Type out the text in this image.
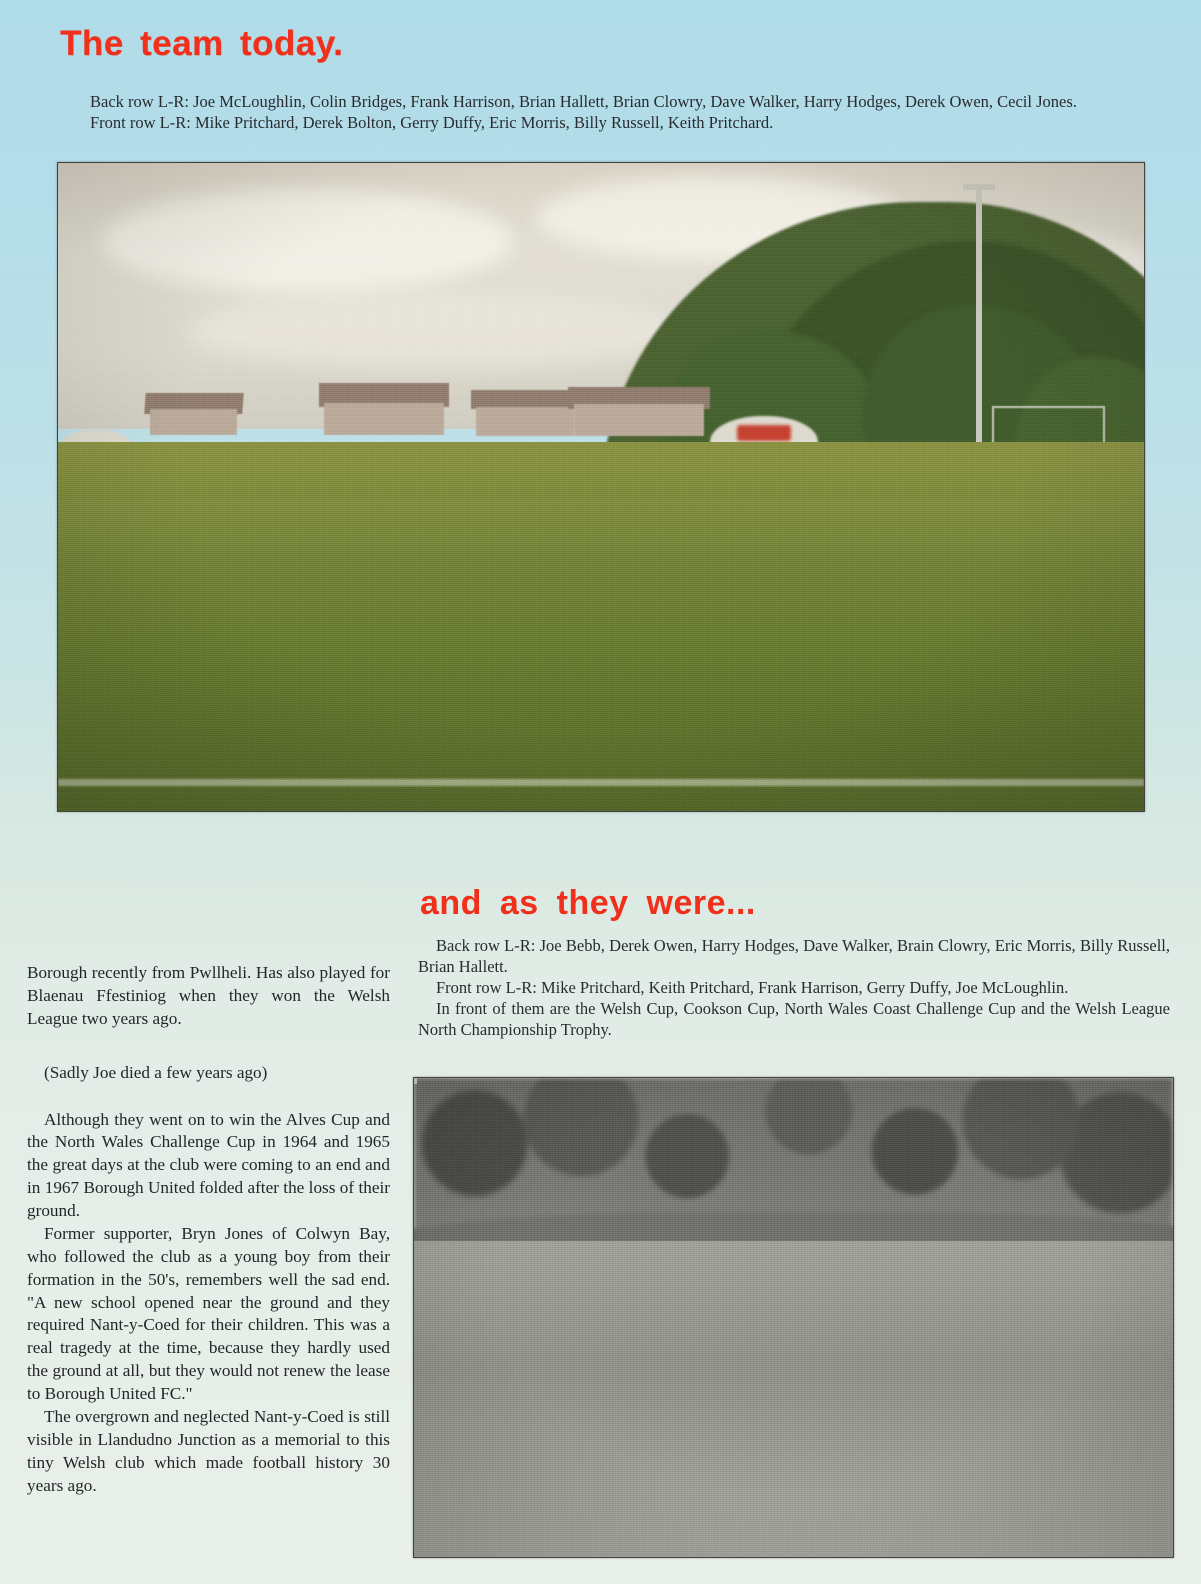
The team today.

Back row L-R: Joe McLoughlin, Colin Bridges, Frank Harrison, Brian Hallett, Brian Clowry, Dave Walker, Harry Hodges, Derek Owen, Cecil Jones.

Front row L-R: Mike Pritchard, Derek Bolton, Gerry Duffy, Eric Morris, Billy Russell, Keith Pritchard.

and as they were...

Back row L-R: Joe Bebb, Derek Owen, Harry Hodges, Dave Walker, Brain Clowry, Eric Morris, Billy Russell, Brian Hallett.

Front row L-R: Mike Pritchard, Keith Pritchard, Frank Harrison, Gerry Duffy, Joe McLoughlin.

In front of them are the Welsh Cup, Cookson Cup, North Wales Coast Challenge Cup and the Welsh League North Championship Trophy.

Borough recently from Pwllheli. Has also played for Blaenau Ffestiniog when they won the Welsh League two years ago.

(Sadly Joe died a few years ago)

Although they went on to win the Alves Cup and the North Wales Challenge Cup in 1964 and 1965 the great days at the club were coming to an end and in 1967 Borough United folded after the loss of their ground.

Former supporter, Bryn Jones of Colwyn Bay, who followed the club as a young boy from their formation in the 50's, remembers well the sad end. "A new school opened near the ground and they required Nant-y-Coed for their children. This was a real tragedy at the time, because they hardly used the ground at all, but they would not renew the lease to Borough United FC."

The overgrown and neglected Nant-y-Coed is still visible in Llandudno Junction as a memorial to this tiny Welsh club which made football history 30 years ago.
